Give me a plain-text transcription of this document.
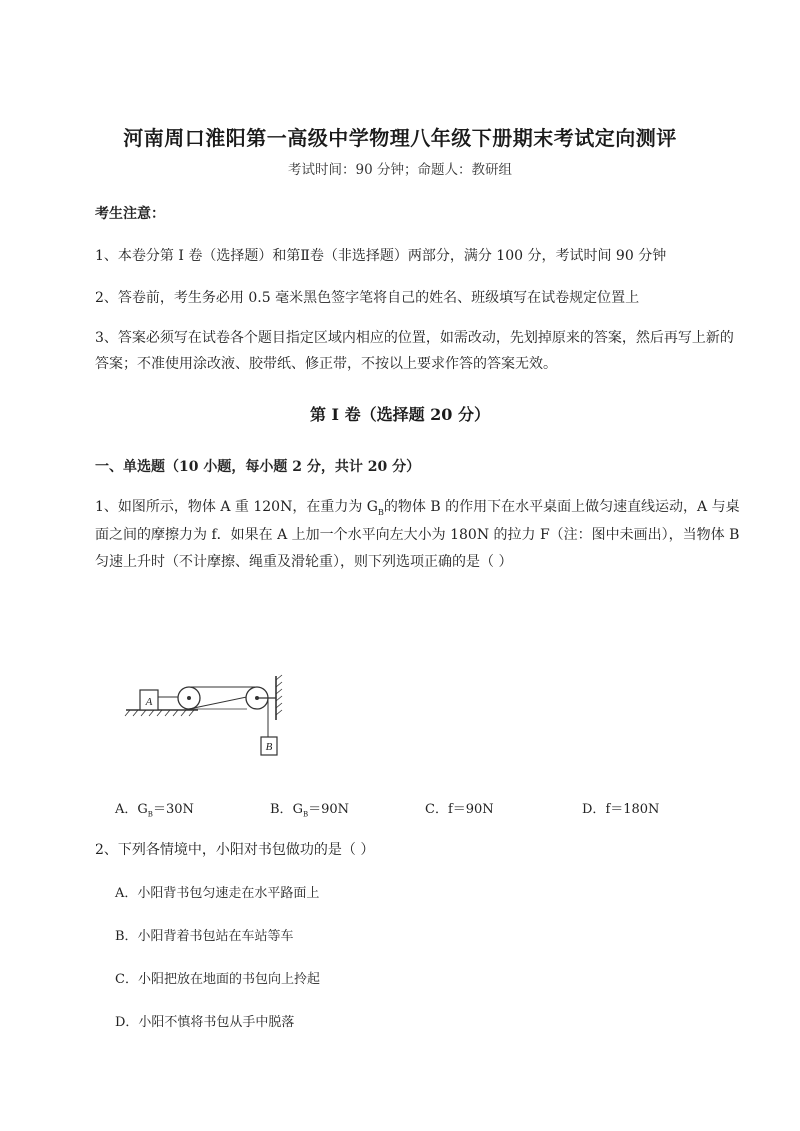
河南周口淮阳第一高级中学物理八年级下册期末考试定向测评
考试时间：90 分钟；命题人：教研组
考生注意：
1、本卷分第 I 卷（选择题）和第Ⅱ卷（非选择题）两部分，满分 100 分，考试时间 90 分钟
2、答卷前，考生务必用 0.5 毫米黑色签字笔将自己的姓名、班级填写在试卷规定位置上
3、答案必须写在试卷各个题目指定区域内相应的位置，如需改动，先划掉原来的答案，然后再写上新的答案；不准使用涂改液、胶带纸、修正带，不按以上要求作答的答案无效。
第 I 卷（选择题 20 分）
一、单选题（10 小题，每小题 2 分，共计 20 分）
1、如图所示，物体 A 重 120N，在重力为 $G_B$的物体 B 的作用下在水平桌面上做匀速直线运动，A 与桌
面之间的摩擦力为 f．如果在 A 上加一个水平向左大小为 180N 的拉力 F（注：图中未画出），当物体 B
匀速上升时（不计摩擦、绳重及滑轮重），则下列选项正确的是（ ）
A
B
A．$G_B=30N$	B．$G_B=90N$	C．f＝90N	D．f＝180N
2、下列各情境中，小阳对书包做功的是（ ）
A．小阳背书包匀速走在水平路面上
B．小阳背着书包站在车站等车
C．小阳把放在地面的书包向上拎起
D．小阳不慎将书包从手中脱落
